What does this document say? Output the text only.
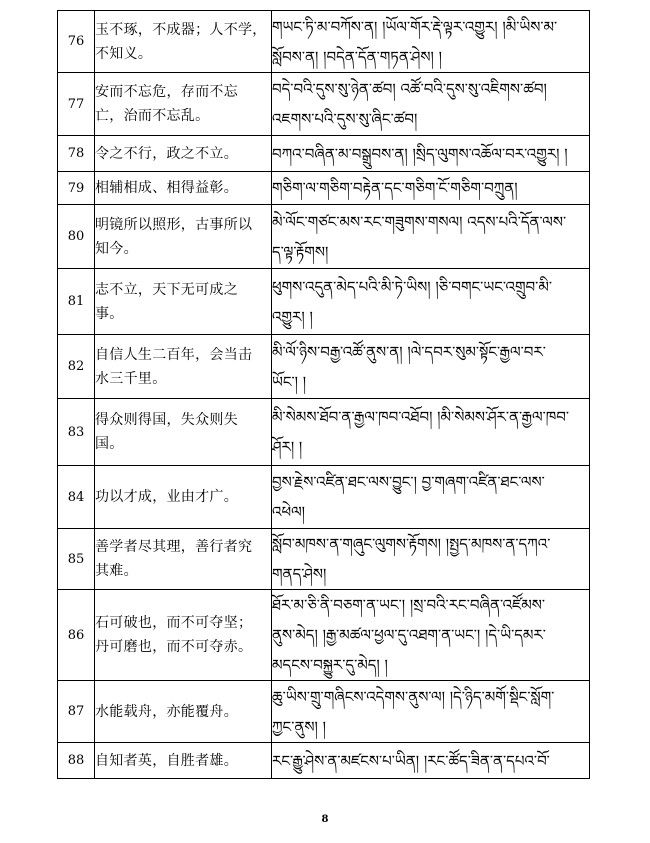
76	玉不琢，不成器；人不学，
不知义。	གཡང་ཏི་མ་བཀོས་ན། །ཡོལ་གོར་རྡེ་ལྟར་འགྱུར། །མི་ཡིས་མ་
སློབས་ན། །བདེན་དོན་གཏན་ཤེས། །

77	安而不忘危，存而不忘
亡，治而不忘乱。	བདེ་བའི་དུས་སུ་ཉེན་ཚབ། འཚོ་བའི་དུས་སུ་འཇིགས་ཚབ།
འཇགས་པའི་དུས་སུ་ཞིང་ཚབ།

78	令之不行，政之不立。	བཀའ་བཞིན་མ་བསྒྲུབས་ན། །སྲིད་ལུགས་འཆོལ་བར་འགྱུར། །

79	相辅相成、相得益彰。	གཅིག་ལ་གཅིག་བརྟེན་དང་གཅིག་ངོ་གཅིག་བཀྲུན།

80	明镜所以照形，古事所以
知今。	མེ་ལོང་གཙང་མས་རང་གཟུགས་གསལ། འདས་པའི་དོན་ལས་
ད་ལྟ་རྟོགས།

81	志不立，天下无可成之
事。	ཕུགས་འདུན་མེད་པའི་མི་ཏེ་ཡིས། །ཅི་བགང་ཡང་འགྲུབ་མི་
འགྱུར། །

82	自信人生二百年，会当击
水三千里。	མི་ལོ་ཉིས་བརྒྱ་འཚོ་ནུས་ན། །ལེ་དབར་སུམ་སྟོང་རྒྱལ་བར་
ཡོང་། །

83	得众则得国，失众则失
国。	མི་སེམས་ཐོབ་ན་རྒྱལ་ཁབ་འཐོབ། །མི་སེམས་ཤོར་ན་རྒྱལ་ཁབ་
ཤོར། །

84	功以才成，业由才广。	བྱས་རྗེས་འཛིན་ཐང་ལས་བྱུང་། བྱ་གཞག་འཛིན་ཐང་ལས་
འཕེལ།

85	善学者尽其理，善行者究
其难。	སློབ་མཁས་ན་གཞུང་ལུགས་རྟོགས། །སྤྱད་མཁས་ན་དཀའ་
གནད་ཤེས།

86	石可破也，而不可夺坚；
丹可磨也，而不可夺赤。	ཐོར་མ་ཅི་ནི་བཅག་ན་ཡང་། །སྲ་བའི་རང་བཞིན་འཛོམས་
ནུས་མེད། །རྒྱ་མཚལ་ཕྱལ་དུ་འཐག་ན་ཡང་། །དེ་ཡི་དམར་
མདངས་བསྐྱུར་དུ་མེད། །

87	水能载舟，亦能覆舟。	ཆུ་ཡིས་གྲུ་གཞིངས་འདེགས་ནུས་ལ། །དེ་ཉིད་མགོ་སྡིང་སློག་
ཀྱང་ནུས། །

88	自知者英，自胜者雄。	རང་རྒྱུ་ཤེས་ན་མཛངས་པ་ཡིན། །རང་ཚོད་ཟིན་ན་དཔའ་བོ་
8
